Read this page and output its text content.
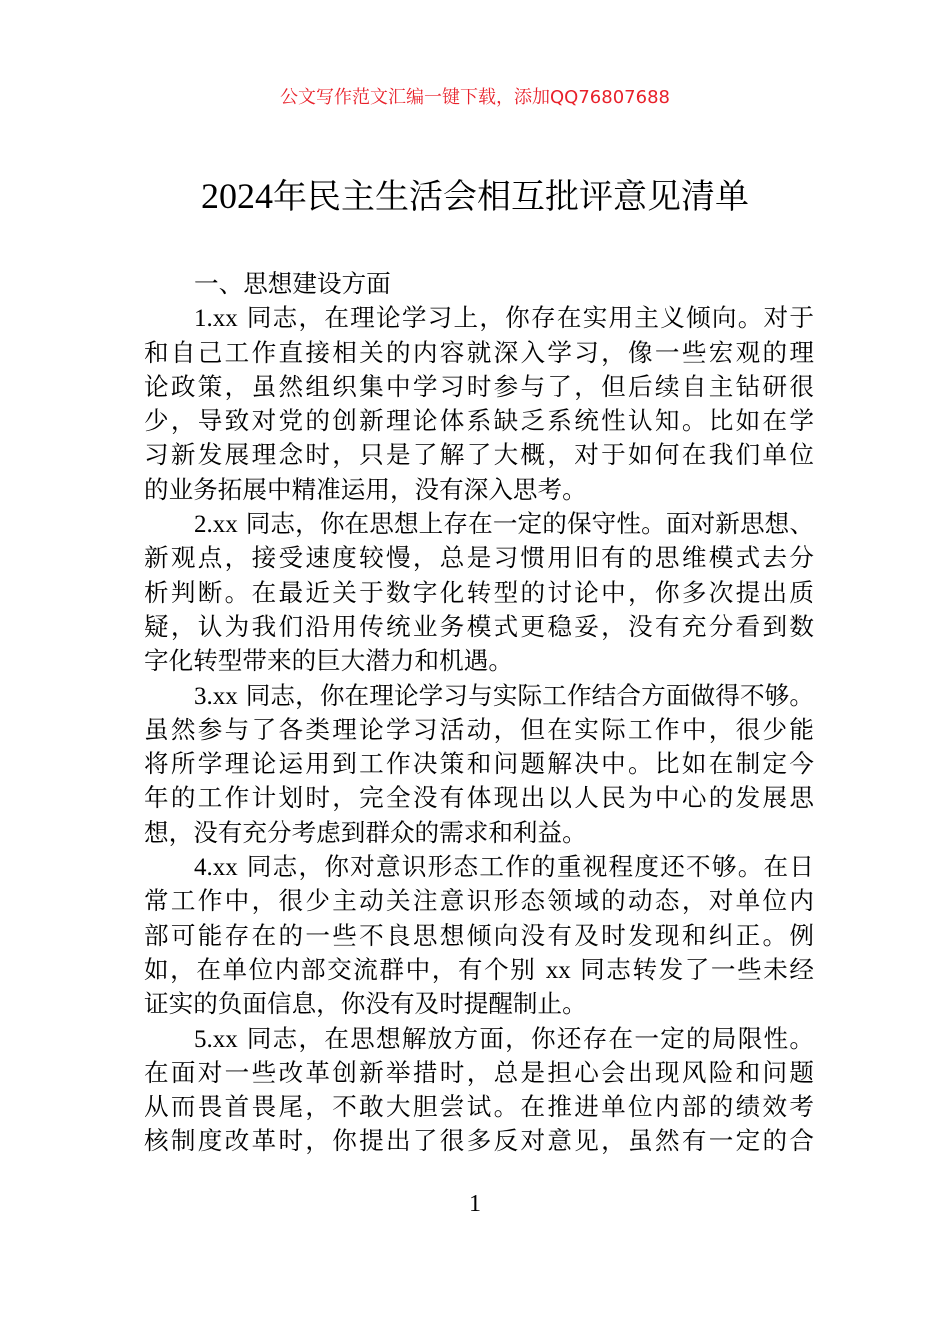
公文写作范文汇编一键下载，添加QQ76807688
2024年民主生活会相互批评意见清单
一、思想建设方面
1.xx 同志，在理论学习上，你存在实用主义倾向。对于
和自己工作直接相关的内容就深入学习，像一些宏观的理
论政策，虽然组织集中学习时参与了，但后续自主钻研很
少，导致对党的创新理论体系缺乏系统性认知。比如在学
习新发展理念时，只是了解了大概，对于如何在我们单位
的业务拓展中精准运用，没有深入思考。
2.xx 同志，你在思想上存在一定的保守性。面对新思想、
新观点，接受速度较慢，总是习惯用旧有的思维模式去分
析判断。在最近关于数字化转型的讨论中，你多次提出质
疑，认为我们沿用传统业务模式更稳妥，没有充分看到数
字化转型带来的巨大潜力和机遇。
3.xx 同志，你在理论学习与实际工作结合方面做得不够。
虽然参与了各类理论学习活动，但在实际工作中，很少能
将所学理论运用到工作决策和问题解决中。比如在制定今
年的工作计划时，完全没有体现出以人民为中心的发展思
想，没有充分考虑到群众的需求和利益。
4.xx 同志，你对意识形态工作的重视程度还不够。在日
常工作中，很少主动关注意识形态领域的动态，对单位内
部可能存在的一些不良思想倾向没有及时发现和纠正。例
如，在单位内部交流群中，有个别 xx 同志转发了一些未经
证实的负面信息，你没有及时提醒制止。
5.xx 同志，在思想解放方面，你还存在一定的局限性。
在面对一些改革创新举措时，总是担心会出现风险和问题
从而畏首畏尾，不敢大胆尝试。在推进单位内部的绩效考
核制度改革时，你提出了很多反对意见，虽然有一定的合
1
